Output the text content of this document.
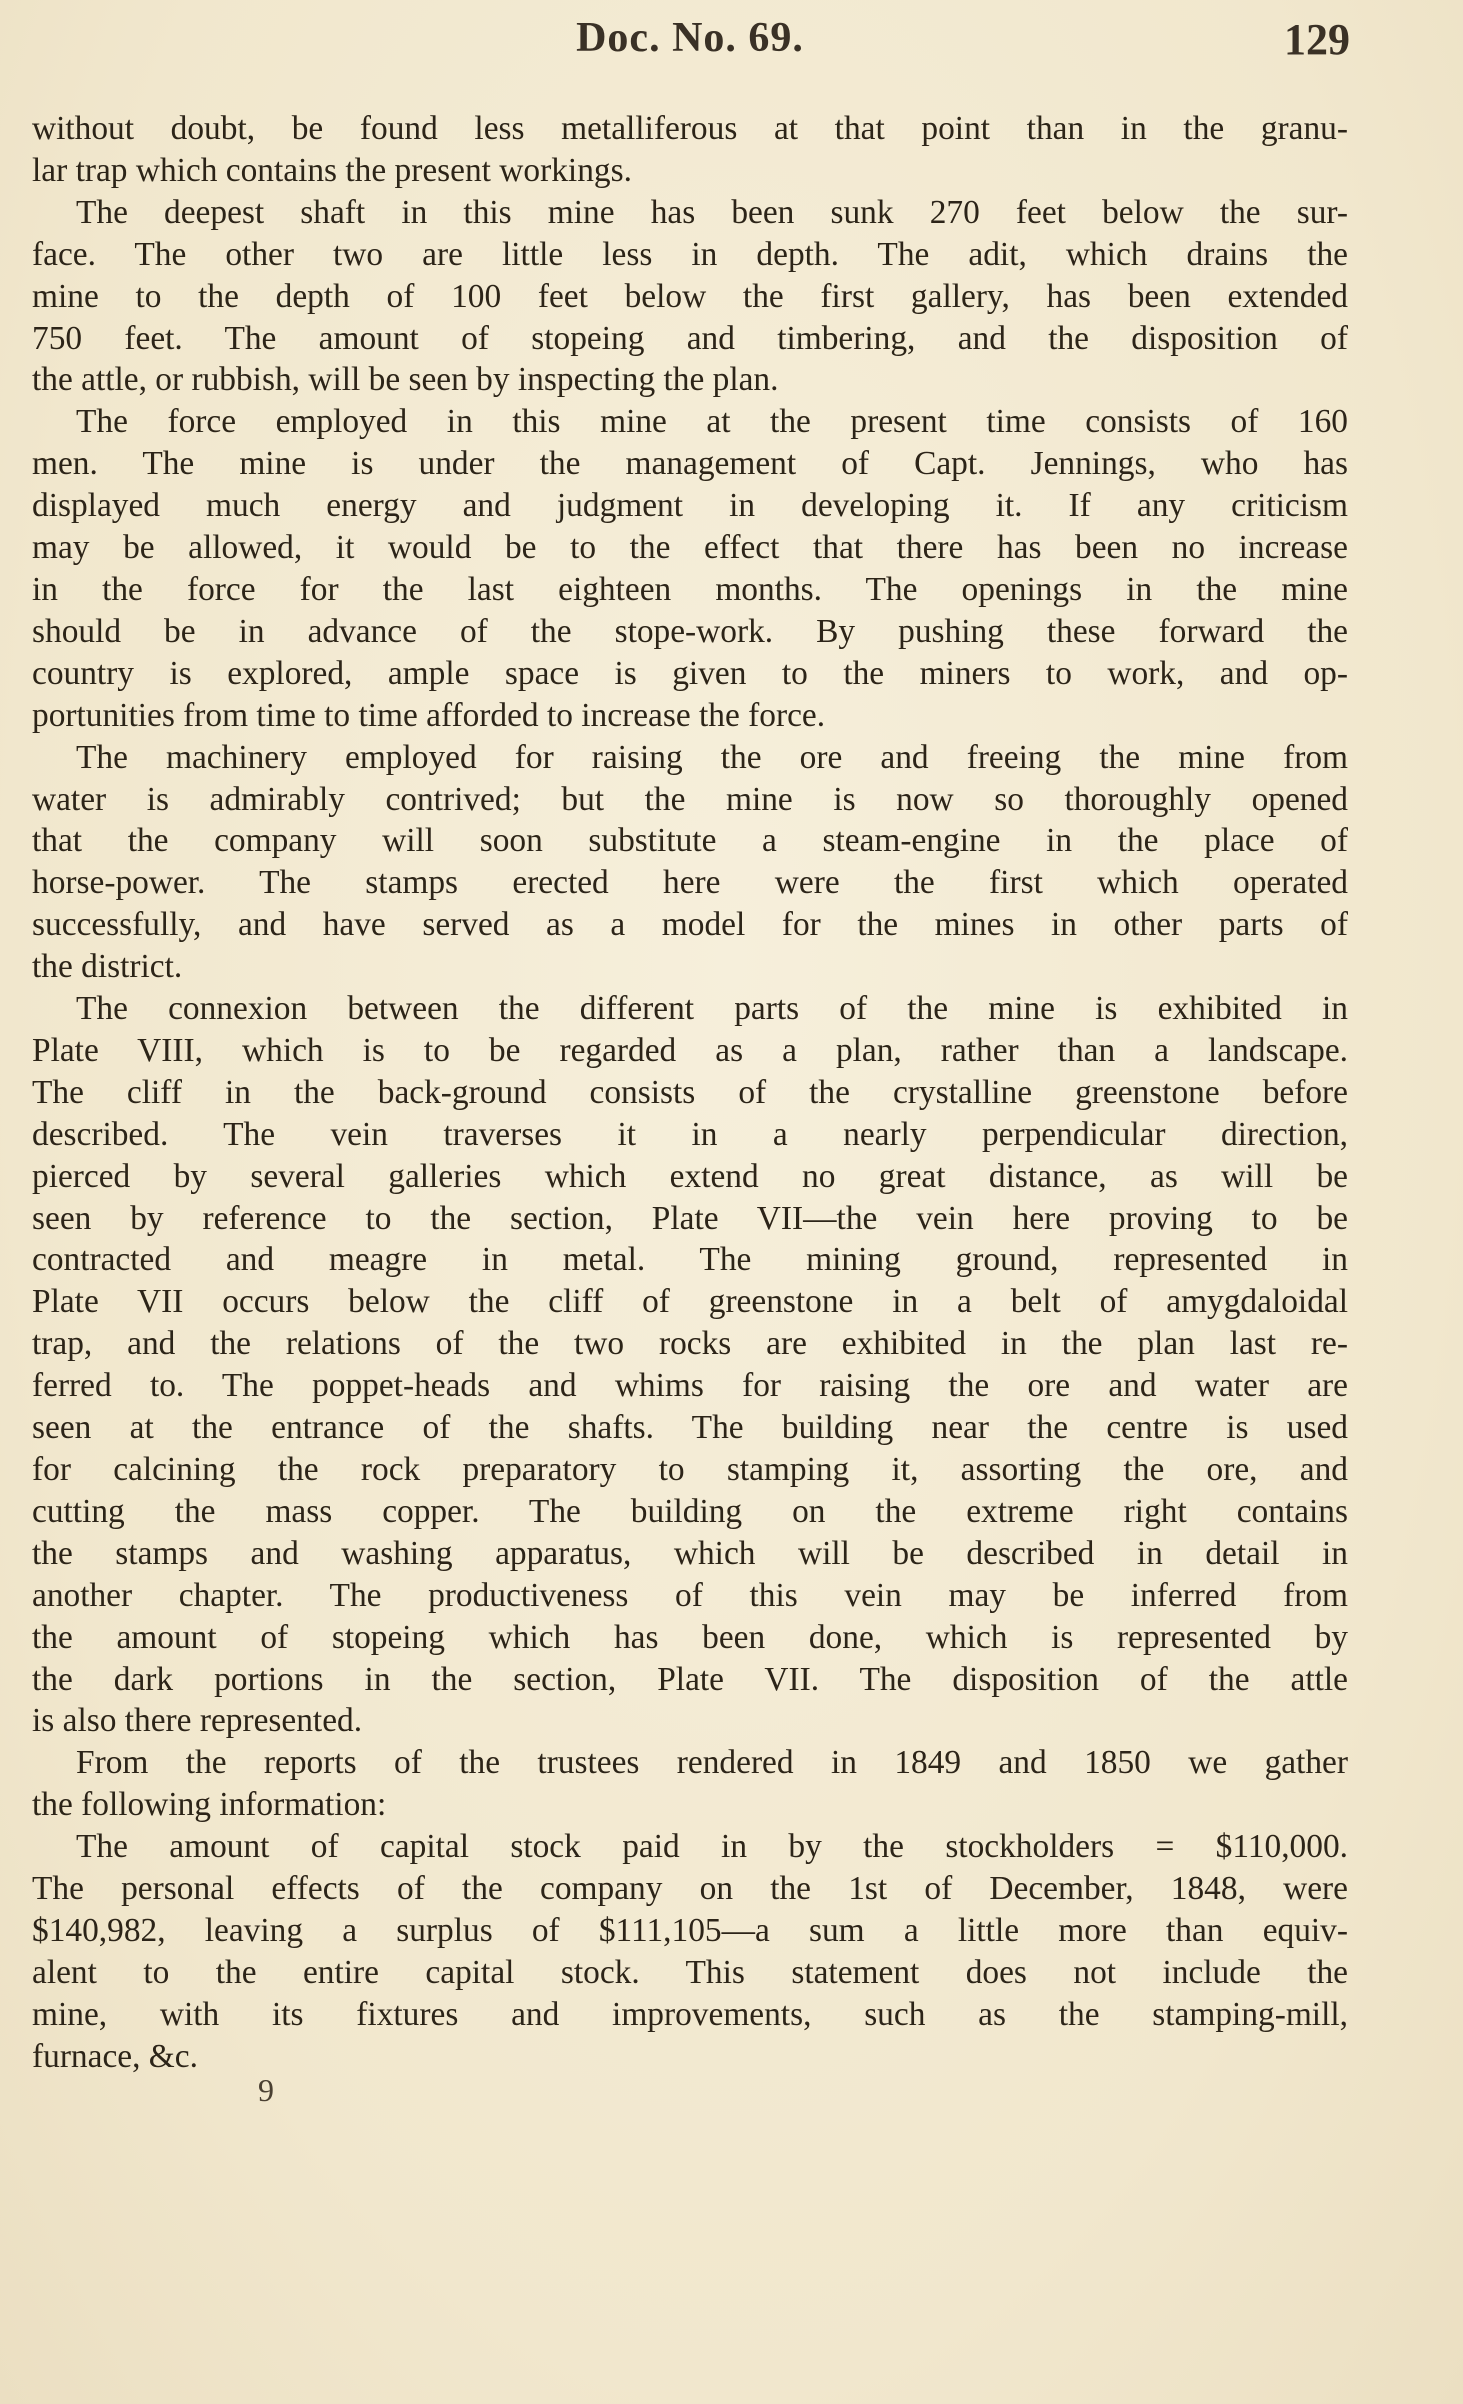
Doc. No. 69.	129

without doubt, be found less metalliferous at that point than in the granu-
lar trap which contains the present workings.

The deepest shaft in this mine has been sunk 270 feet below the sur-
face. The other two are little less in depth. The adit, which drains the
mine to the depth of 100 feet below the first gallery, has been extended
750 feet. The amount of stopeing and timbering, and the disposition of
the attle, or rubbish, will be seen by inspecting the plan.

The force employed in this mine at the present time consists of 160
men. The mine is under the management of Capt. Jennings, who has
displayed much energy and judgment in developing it. If any criticism
may be allowed, it would be to the effect that there has been no increase
in the force for the last eighteen months. The openings in the mine
should be in advance of the stope-work. By pushing these forward the
country is explored, ample space is given to the miners to work, and op-
portunities from time to time afforded to increase the force.

The machinery employed for raising the ore and freeing the mine from
water is admirably contrived; but the mine is now so thoroughly opened
that the company will soon substitute a steam-engine in the place of
horse-power. The stamps erected here were the first which operated
successfully, and have served as a model for the mines in other parts of
the district.

The connexion between the different parts of the mine is exhibited in
Plate VIII, which is to be regarded as a plan, rather than a landscape.
The cliff in the back-ground consists of the crystalline greenstone before
described. The vein traverses it in a nearly perpendicular direction,
pierced by several galleries which extend no great distance, as will be
seen by reference to the section, Plate VII—the vein here proving to be
contracted and meagre in metal. The mining ground, represented in
Plate VII occurs below the cliff of greenstone in a belt of amygdaloidal
trap, and the relations of the two rocks are exhibited in the plan last re-
ferred to. The poppet-heads and whims for raising the ore and water are
seen at the entrance of the shafts. The building near the centre is used
for calcining the rock preparatory to stamping it, assorting the ore, and
cutting the mass copper. The building on the extreme right contains
the stamps and washing apparatus, which will be described in detail in
another chapter. The productiveness of this vein may be inferred from
the amount of stopeing which has been done, which is represented by
the dark portions in the section, Plate VII. The disposition of the attle
is also there represented.

From the reports of the trustees rendered in 1849 and 1850 we gather
the following information:

The amount of capital stock paid in by the stockholders = $110,000.
The personal effects of the company on the 1st of December, 1848, were
$140,982, leaving a surplus of $111,105—a sum a little more than equiv-
alent to the entire capital stock. This statement does not include the
mine, with its fixtures and improvements, such as the stamping-mill,
furnace, &c.

9
